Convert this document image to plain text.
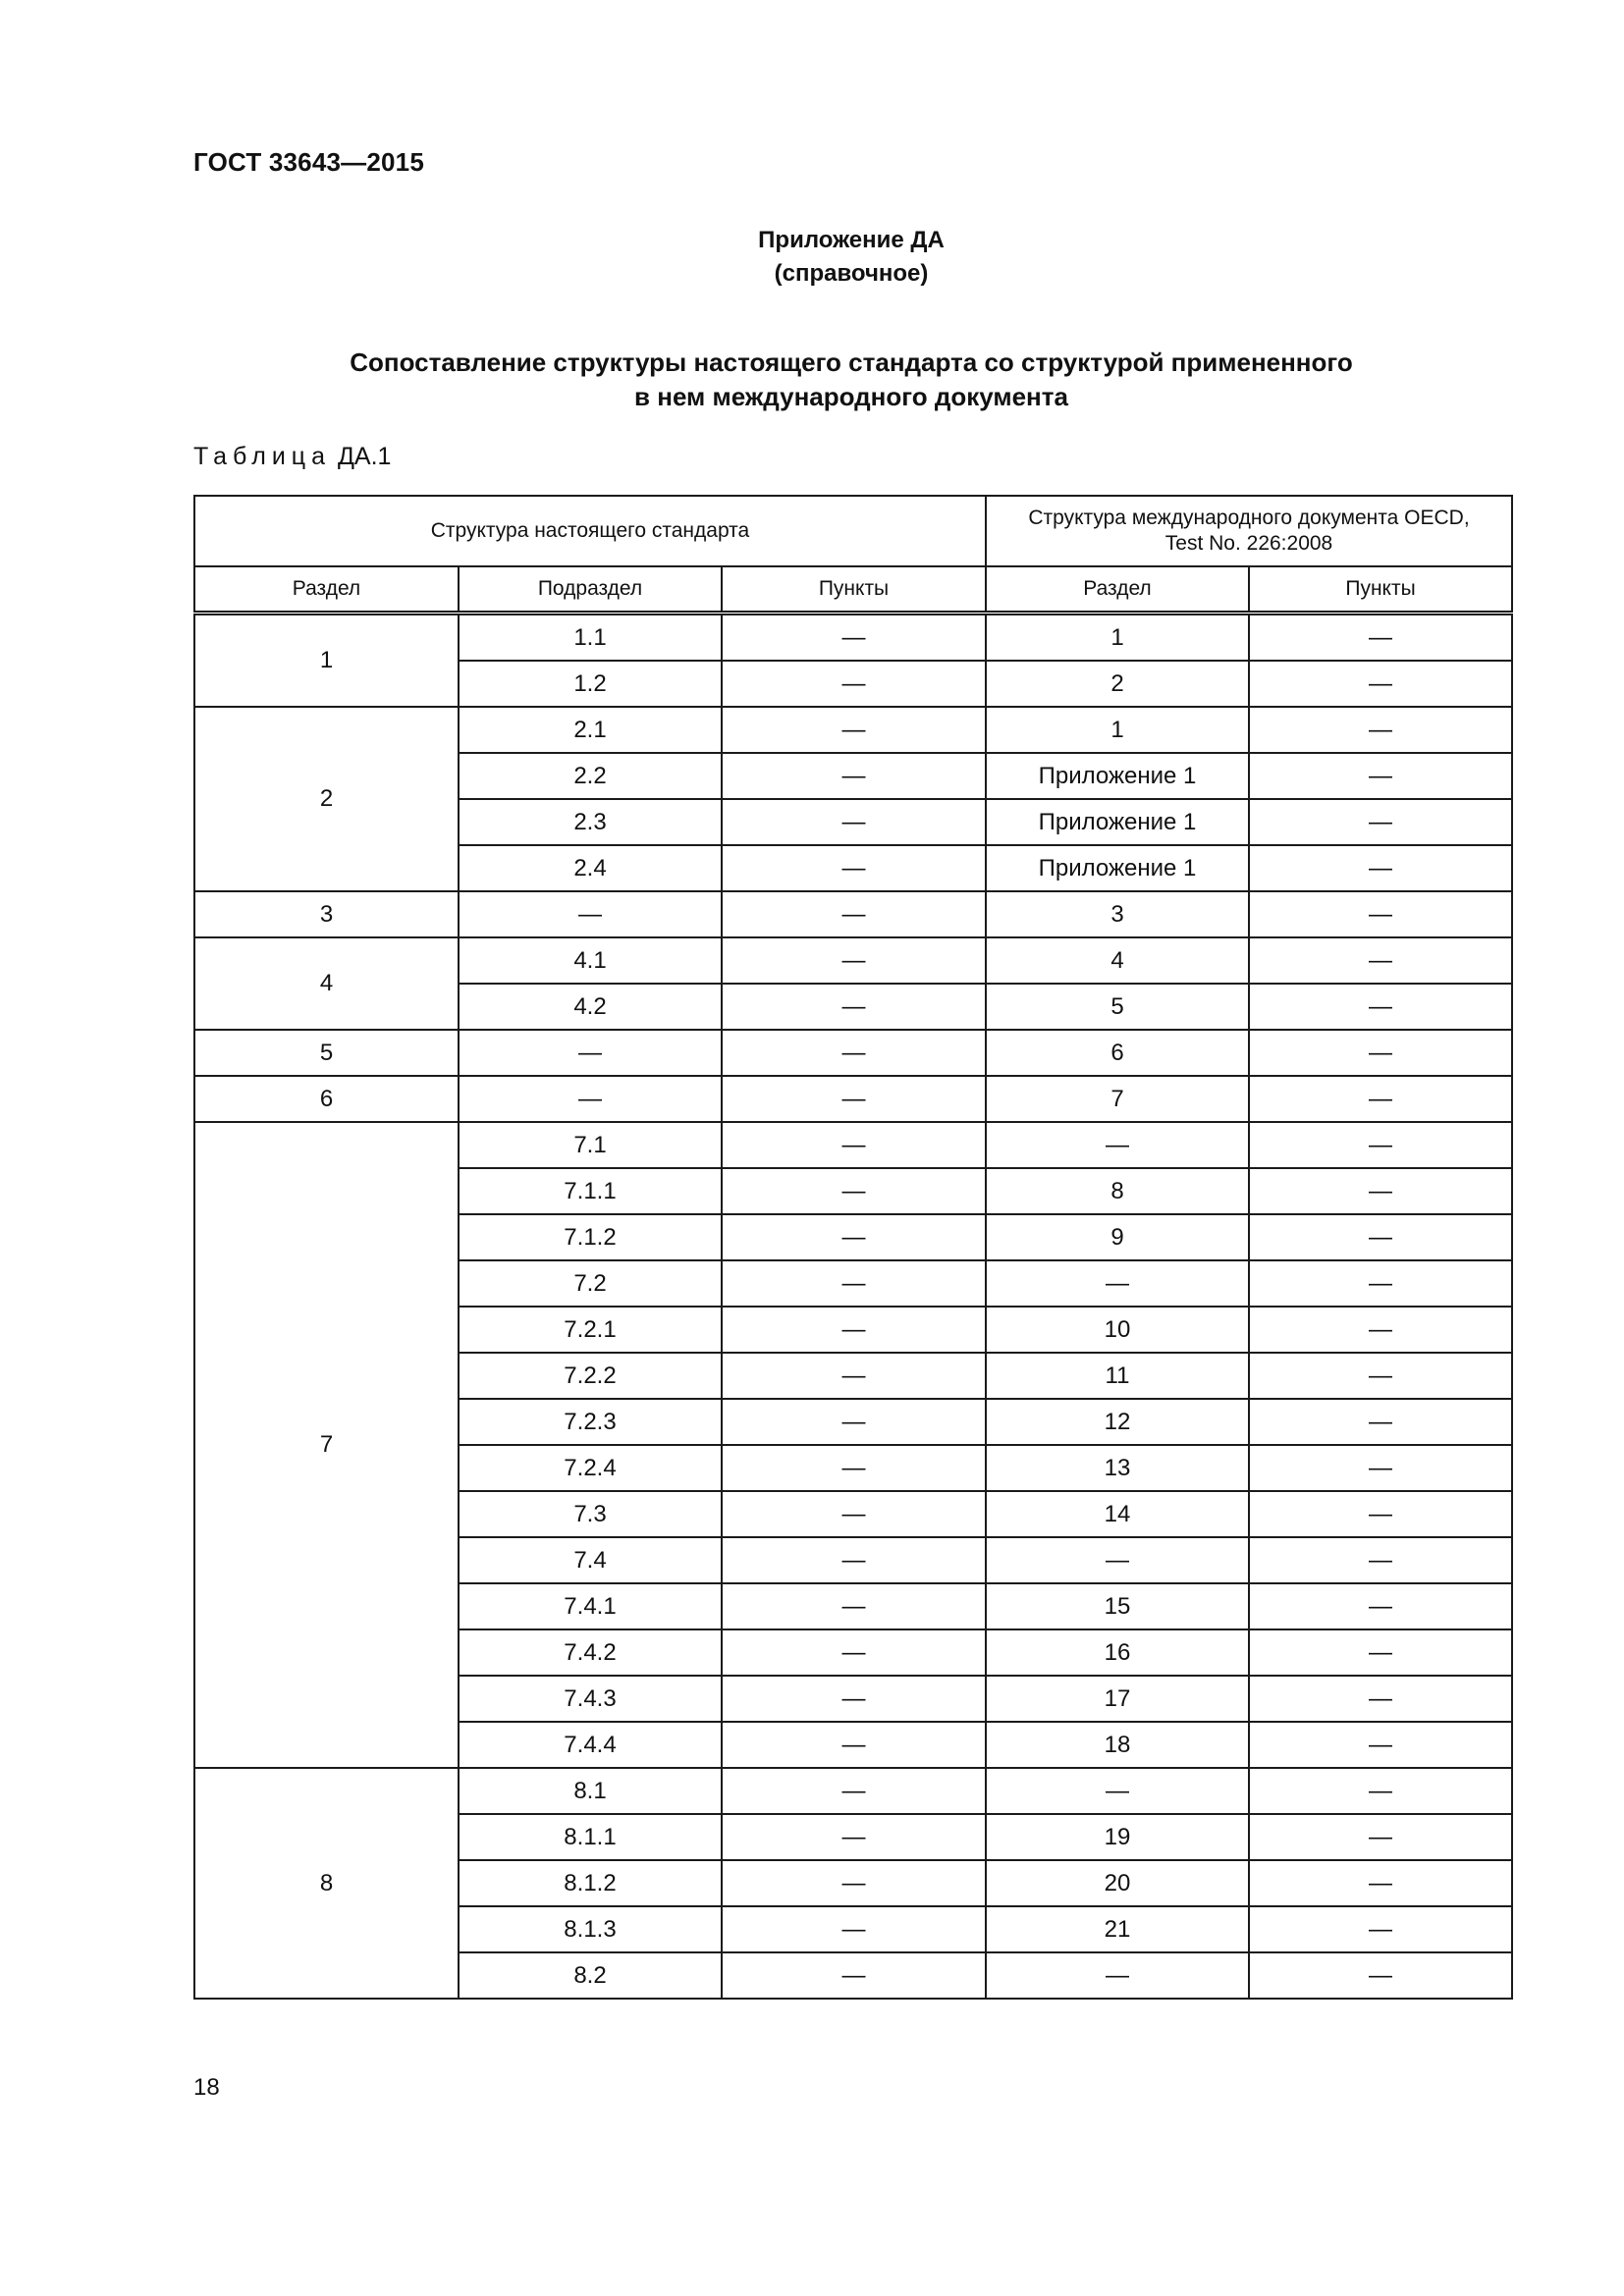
ГОСТ 33643—2015
Приложение ДА
(справочное)
Сопоставление структуры настоящего стандарта со структурой примененного
в нем международного документа
Таблица ДА.1
Структура настоящего стандарта			Структура международного документа OECD,
Test No. 226:2008	

Раздел	Подраздел	Пункты	Раздел	Пункты
1	1.1	—	1	—
	1.2	—	2	—
2	2.1	—	1	—
	2.2	—	Приложение 1	—
	2.3	—	Приложение 1	—
	2.4	—	Приложение 1	—
3	—	—	3	—
4	4.1	—	4	—
	4.2	—	5	—
5	—	—	6	—
6	—	—	7	—
7	7.1	—	—	—
	7.1.1	—	8	—
	7.1.2	—	9	—
	7.2	—	—	—
	7.2.1	—	10	—
	7.2.2	—	11	—
	7.2.3	—	12	—
	7.2.4	—	13	—
	7.3	—	14	—
	7.4	—	—	—
	7.4.1	—	15	—
	7.4.2	—	16	—
	7.4.3	—	17	—
	7.4.4	—	18	—
8	8.1	—	—	—
	8.1.1	—	19	—
	8.1.2	—	20	—
	8.1.3	—	21	—
	8.2	—	—	—
18
